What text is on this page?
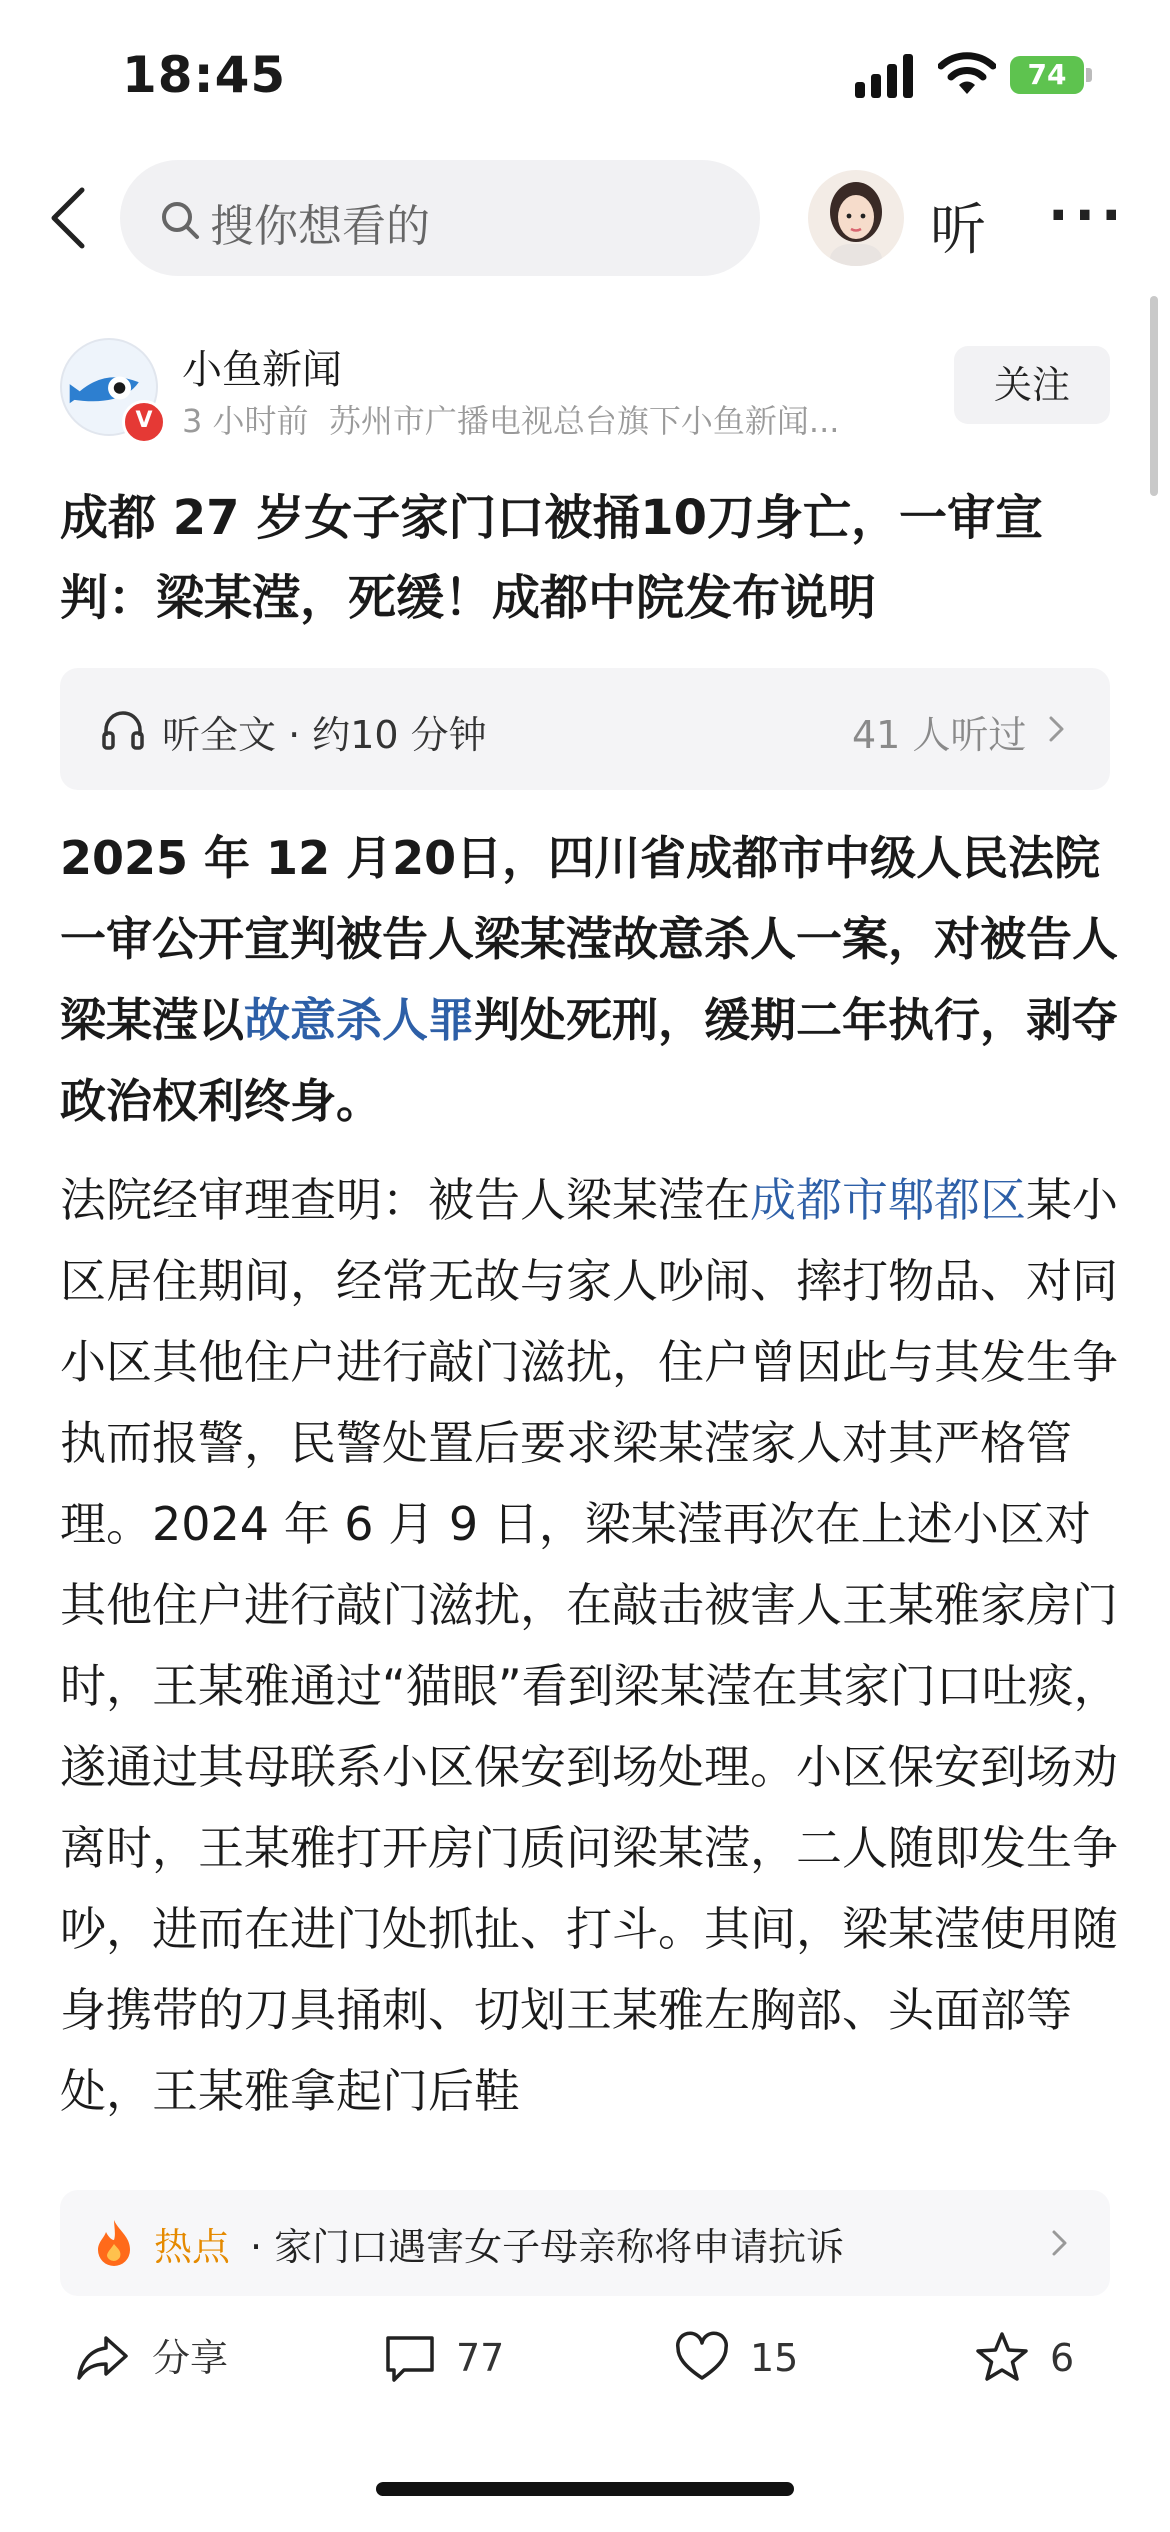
18:45	74
搜你想看的	听 ···
V
小鱼新闻
3 小时前 苏州市广播电视总台旗下小鱼新闻...
关注
成都 27 岁女子家门口被捅10刀身亡，一审宣判：梁某滢，死缓！成都中院发布说明
听全文 · 约10 分钟	41 人听过

2025 年 12 月20日，四川省成都市中级人民法院一审公开宣判被告人梁某滢故意杀人一案，对被告人梁某滢以故意杀人罪判处死刑，缓期二年执行，剥夺政治权利终身。

法院经审理查明：被告人梁某滢在成都市郫都区某小区居住期间，经常无故与家人吵闹、摔打物品、对同小区其他住户进行敲门滋扰，住户曾因此与其发生争执而报警，民警处置后要求梁某滢家人对其严格管理。2024 年 6 月 9 日，梁某滢再次在上述小区对其他住户进行敲门滋扰，在敲击被害人王某雅家房门时，王某雅通过“猫眼”看到梁某滢在其家门口吐痰，遂通过其母联系小区保安到场处理。小区保安到场劝离时，王某雅打开房门质问梁某滢，二人随即发生争吵，进而在进门处抓扯、打斗。其间，梁某滢使用随身携带的刀具捅刺、切划王某雅左胸部、头面部等处，王某雅拿起门后鞋

热点 · 家门口遇害女子母亲称将申请抗诉
分享	77	15	6
